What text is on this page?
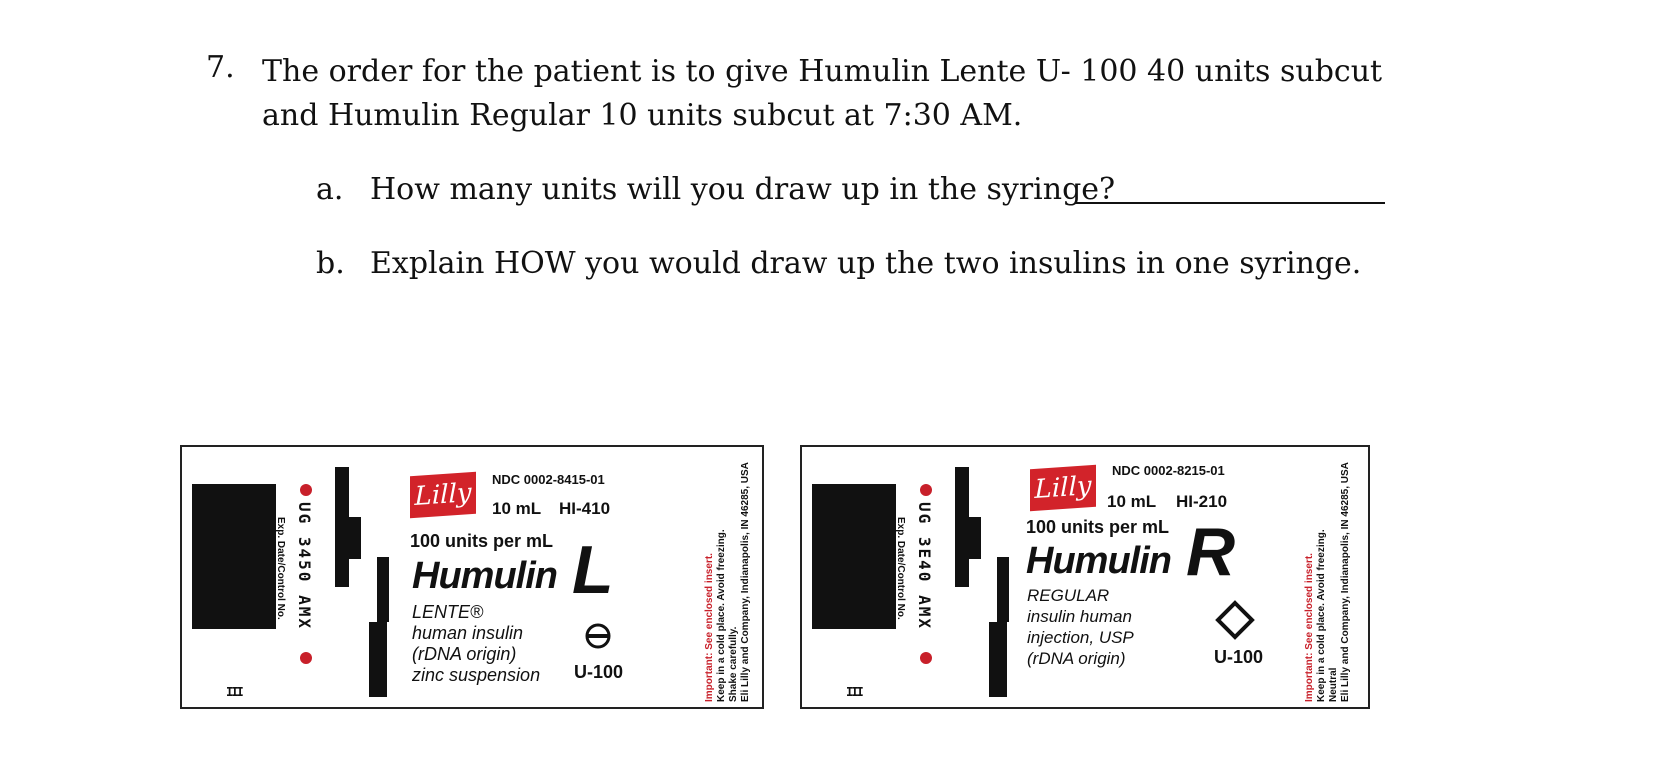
7. The order for the patient is to give Humulin Lente U- 100 40 units subcut and Humulin Regular 10 units subcut at 7:30 AM.
a. How many units will you draw up in the syringe?
b. Explain HOW you would draw up the two insulins in one syringe.
UG 3450 AMX
Exp. Date/Control No.
III
Lilly	NDC 0002-8415-01
10 mL HI-410
100 units per mL
Humulin L
LENTE®
human insulin
(rDNA origin)
zinc suspension U-100	Important: See enclosed insert. Keep in a cold place. Avoid freezing. Shake carefully. Eli Lilly and Company, Indianapolis, IN 46285, USA	UG 3E40 AMX
Exp. Date/Control No.
III
Lilly
NDC 0002-8215-01
10 mL HI-210
100 units per mL
Humulin R
REGULAR
insulin human
injection, USP
(rDNA origin)	U-100	Important: See enclosed insert. Keep in a cold place. Avoid freezing. Neutral Eli Lilly and Company, Indianapolis, IN 46285, USA
